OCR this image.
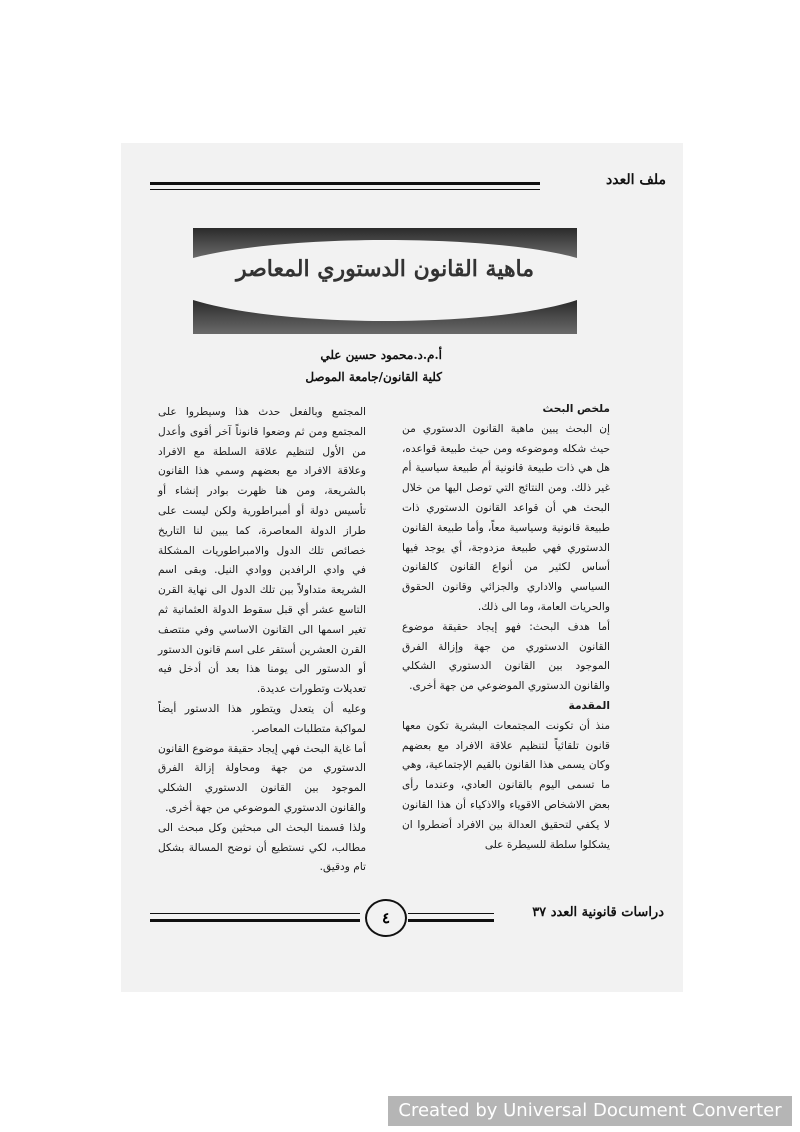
ملف العدد
ماهية القانون الدستوري المعاصر
أ.م.د.محمود حسين علي
كلية القانون/جامعة الموصل

ملخص البحث

إن البحث يبين ماهية القانون الدستوري من حيث شكله وموضوعه ومن حيث طبيعة قواعده، هل هي ذات طبيعة قانونية أم طبيعة سياسية أم غير ذلك. ومن النتائج التي توصل اليها من خلال البحث هي أن قواعد القانون الدستوري ذات طبيعة قانونية وسياسية معاً، وأما طبيعة القانون الدستوري فهي طبيعة مزدوجة، أي يوجد فيها أساس لكثير من أنواع القانون كالقانون السياسي والاداري والجزائي وقانون الحقوق والحريات العامة، وما الى ذلك.

أما هدف البحث: فهو إيجاد حقيقة موضوع القانون الدستوري من جهة وإزالة الفرق الموجود بين القانون الدستوري الشكلي والقانون الدستوري الموضوعي من جهة أخرى.

المقدمة

منذ أن تكونت المجتمعات البشرية تكون معها قانون تلقائياً لتنظيم علاقة الافراد مع بعضهم وكان يسمى هذا القانون بالقيم الإجتماعية، وهي ما تسمى اليوم بالقانون العادي، وعندما رأى بعض الاشخاص الاقوياء والاذكياء أن هذا القانون لا يكفي لتحقيق العدالة بين الافراد أضطروا ان يشكلوا سلطة للسيطرة على

المجتمع وبالفعل حدث هذا وسيطروا على المجتمع ومن ثم وضعوا قانوناً آخر أقوى وأعدل من الأول لتنظيم علاقة السلطة مع الافراد وعلاقة الافراد مع بعضهم وسمي هذا القانون بالشريعة، ومن هنا ظهرت بوادر إنشاء أو تأسيس دولة أو أمبراطورية ولكن ليست على طراز الدولة المعاصرة، كما يبين لنا التاريخ خصائص تلك الدول والامبراطوريات المشكلة في وادي الرافدين ووادي النيل. وبقى اسم الشريعة متداولاً بين تلك الدول الى نهاية القرن التاسع عشر أي قبل سقوط الدولة العثمانية ثم تغير اسمها الى القانون الاساسي وفي منتصف القرن العشرين أستقر على اسم قانون الدستور أو الدستور الى يومنا هذا بعد أن أدخل فيه تعديلات وتطورات عديدة.

وعليه أن يتعدل ويتطور هذا الدستور أيضاً لمواكبة متطلبات المعاصر.

أما غاية البحث فهي إيجاد حقيقة موضوع القانون الدستوري من جهة ومحاولة إزالة الفرق الموجود بين القانون الدستوري الشكلي والقانون الدستوري الموضوعي من جهة أخرى.

ولذا قسمنا البحث الى مبحثين وكل مبحث الى مطالب، لكي نستطيع أن نوضح المسالة بشكل تام ودقيق.

٤	دراسات قانونية العدد ٣٧
Created by Universal Document Converter
